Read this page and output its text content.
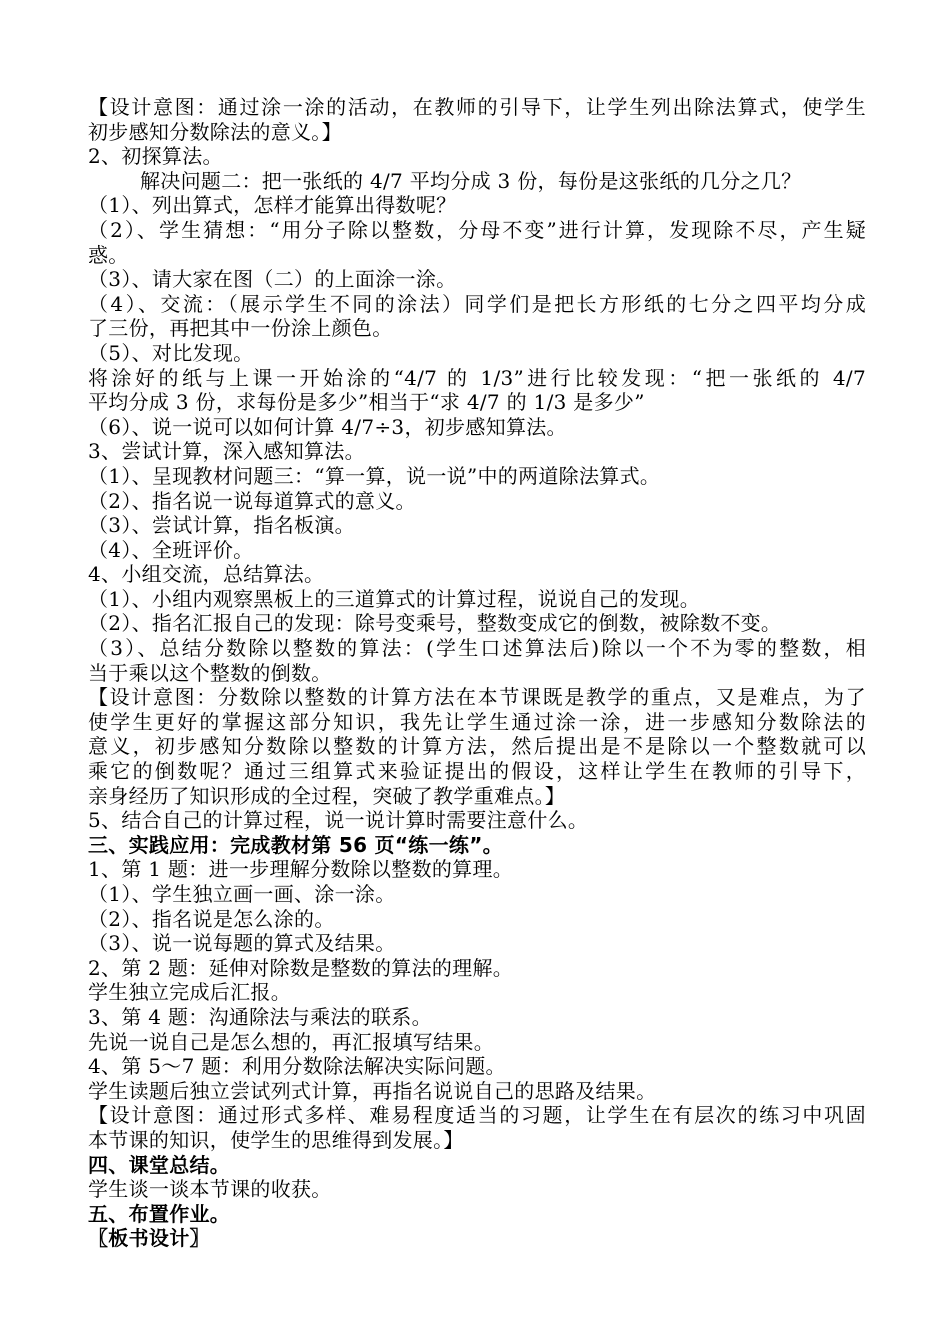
【设计意图：通过涂一涂的活动，在教师的引导下，让学生列出除法算式，使学生
初步感知分数除法的意义。】
2、初探算法。
解决问题二：把一张纸的 4/7 平均分成 3 份，每份是这张纸的几分之几？
（1）、列出算式，怎样才能算出得数呢？
（2）、学生猜想：“用分子除以整数，分母不变”进行计算，发现除不尽，产生疑
惑。
（3）、请大家在图（二）的上面涂一涂。
（4）、交流：（展示学生不同的涂法）同学们是把长方形纸的七分之四平均分成
了三份，再把其中一份涂上颜色。
（5）、对比发现。
将涂好的纸与上课一开始涂的“4/7 的 1/3”进行比较发现：“把一张纸的 4/7
平均分成 3 份，求每份是多少”相当于“求 4/7 的 1/3 是多少”
（6）、说一说可以如何计算 4/7÷3，初步感知算法。
3、尝试计算，深入感知算法。
（1）、呈现教材问题三：“算一算，说一说”中的两道除法算式。
（2）、指名说一说每道算式的意义。
（3）、尝试计算，指名板演。
（4）、全班评价。
4、小组交流，总结算法。
（1）、小组内观察黑板上的三道算式的计算过程，说说自己的发现。
（2）、指名汇报自己的发现：除号变乘号，整数变成它的倒数，被除数不变。
（3）、总结分数除以整数的算法：(学生口述算法后)除以一个不为零的整数，相
当于乘以这个整数的倒数。
【设计意图：分数除以整数的计算方法在本节课既是教学的重点，又是难点，为了
使学生更好的掌握这部分知识，我先让学生通过涂一涂，进一步感知分数除法的
意义，初步感知分数除以整数的计算方法，然后提出是不是除以一个整数就可以
乘它的倒数呢？通过三组算式来验证提出的假设，这样让学生在教师的引导下，
亲身经历了知识形成的全过程，突破了教学重难点。】
5、结合自己的计算过程，说一说计算时需要注意什么。
三、实践应用：完成教材第 56 页“练一练”。
1、第 1 题：进一步理解分数除以整数的算理。
（1）、学生独立画一画、涂一涂。
（2）、指名说是怎么涂的。
（3）、说一说每题的算式及结果。
2、第 2 题：延伸对除数是整数的算法的理解。
学生独立完成后汇报。
3、第 4 题：沟通除法与乘法的联系。
先说一说自己是怎么想的，再汇报填写结果。
4、第 5～7 题：利用分数除法解决实际问题。
学生读题后独立尝试列式计算，再指名说说自己的思路及结果。
【设计意图：通过形式多样、难易程度适当的习题，让学生在有层次的练习中巩固
本节课的知识，使学生的思维得到发展。】
四、课堂总结。
学生谈一谈本节课的收获。
五、布置作业。
〖板书设计〗
